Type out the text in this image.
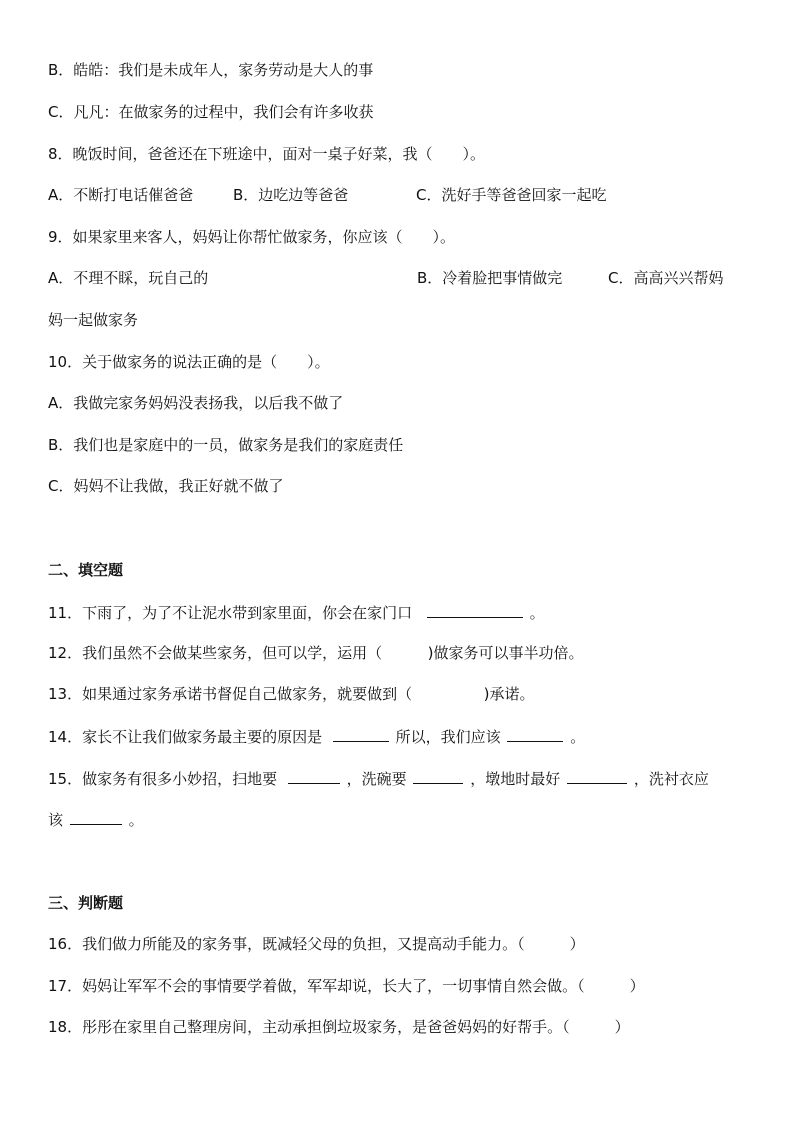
B．皓皓：我们是未成年人，家务劳动是大人的事
C．凡凡：在做家务的过程中，我们会有许多收获
8．晚饭时间，爸爸还在下班途中，面对一桌子好菜，我（　　）。
A．不断打电话催爸爸	B．边吃边等爸爸	C．洗好手等爸爸回家一起吃
9．如果家里来客人，妈妈让你帮忙做家务，你应该（　　）。
A．不理不睬，玩自己的	B．冷着脸把事情做完	C．高高兴兴帮妈
妈一起做家务
10．关于做家务的说法正确的是（　　）。
A．我做完家务妈妈没表扬我，以后我不做了
B．我们也是家庭中的一员，做家务是我们的家庭责任
C．妈妈不让我做，我正好就不做了
二、填空题
11．下雨了，为了不让泥水带到家里面，你会在家门口	。
12．我们虽然不会做某些家务，但可以学，运用（	)做家务可以事半功倍。
13．如果通过家务承诺书督促自己做家务，就要做到（	)承诺。
14．家长不让我们做家务最主要的原因是	所以，我们应该	。
15．做家务有很多小妙招，扫地要	，洗碗要	，墩地时最好	，洗衬衣应
该	。
三、判断题
16．我们做力所能及的家务事，既减轻父母的负担，又提高动手能力。（　　　）
17．妈妈让军军不会的事情要学着做，军军却说，长大了，一切事情自然会做。（　　　）
18．彤彤在家里自己整理房间，主动承担倒垃圾家务，是爸爸妈妈的好帮手。（　　　）
